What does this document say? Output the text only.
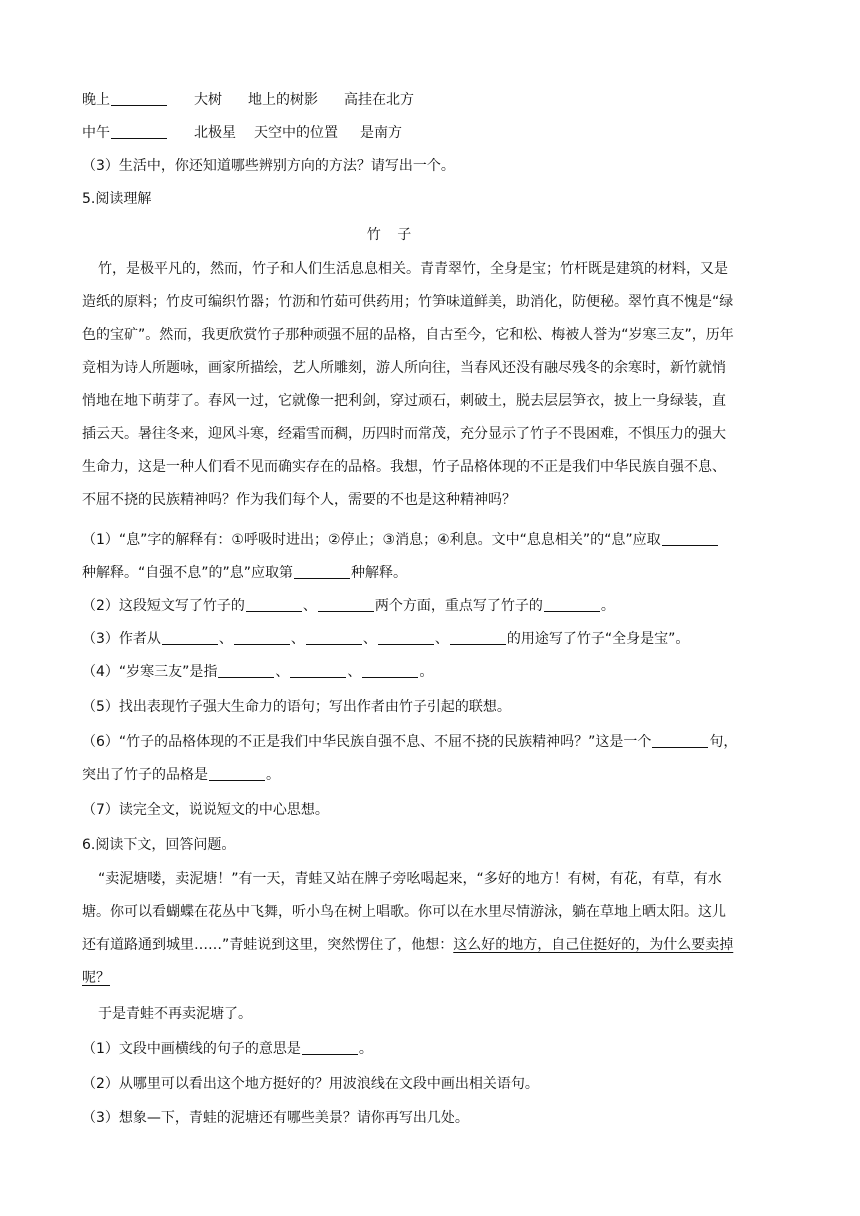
晚上	大树 地上的树影 高挂在北方
中午	北极星 天空中的位置 是南方
（3）生活中，你还知道哪些辨别方向的方法？请写出一个。
5.阅读理解
竹 子
竹，是极平凡的，然而，竹子和人们生活息息相关。青青翠竹，全身是宝；竹杆既是建筑的材料，又是
造纸的原料；竹皮可编织竹器；竹沥和竹茹可供药用；竹笋味道鲜美，助消化，防便秘。翠竹真不愧是“绿
色的宝矿”。然而，我更欣赏竹子那种顽强不屈的品格，自古至今，它和松、梅被人誉为“岁寒三友”，历年
竞相为诗人所题咏，画家所描绘，艺人所雕刻，游人所向往，当春风还没有融尽残冬的余寒时，新竹就悄
悄地在地下萌芽了。春风一过，它就像一把利剑，穿过顽石，刺破土，脱去层层笋衣，披上一身绿装，直
插云天。暑往冬来，迎风斗寒，经霜雪而稠，历四时而常茂，充分显示了竹子不畏困难，不惧压力的强大
生命力，这是一种人们看不见而确实存在的品格。我想，竹子品格体现的不正是我们中华民族自强不息、
不屈不挠的民族精神吗？作为我们每个人，需要的不也是这种精神吗？
（1）“息”字的解释有：①呼吸时进出；②停止；③消息；④利息。文中“息息相关”的“息”应取
种解释。“自强不息”的”息”应取第	种解释。
（2）这段短文写了竹子的	、	两个方面，重点写了竹子的	。
（3）作者从	、	、	、	、	的用途写了竹子“全身是宝”。
（4）“岁寒三友”是指	、	、	。
（5）找出表现竹子强大生命力的语句；写出作者由竹子引起的联想。
（6）“竹子的品格体现的不正是我们中华民族自强不息、不屈不挠的民族精神吗？”这是一个	句，
突出了竹子的品格是	。
（7）读完全文，说说短文的中心思想。
6.阅读下文，回答问题。
“卖泥塘喽，卖泥塘！”有一天，青蛙又站在牌子旁吆喝起来，“多好的地方！有树，有花，有草，有水
塘。你可以看蝴蝶在花丛中飞舞，听小鸟在树上唱歌。你可以在水里尽情游泳，躺在草地上晒太阳。这儿
还有道路通到城里……”青蛙说到这里，突然愣住了，他想：这么好的地方，自己住挺好的，为什么要卖掉
呢？
于是青蛙不再卖泥塘了。
（1）文段中画横线的句子的意思是	。
（2）从哪里可以看出这个地方挺好的？用波浪线在文段中画出相关语句。
（3）想象—下，青蛙的泥塘还有哪些美景？请你再写出几处。
